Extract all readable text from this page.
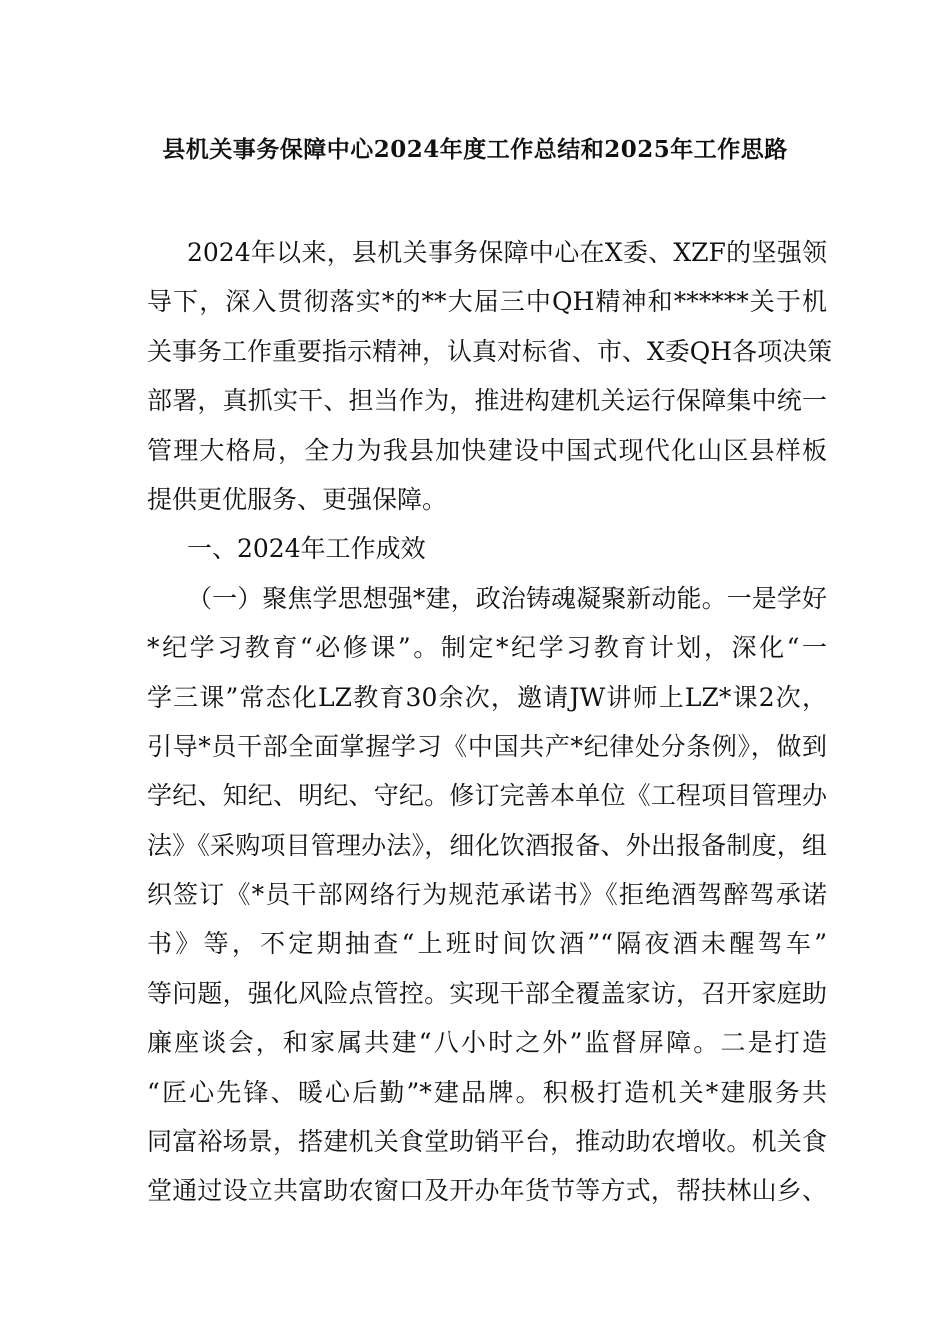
县机关事务保障中心2024年度工作总结和2025年工作思路
2024年以来，县机关事务保障中心在X委、XZF的坚强领
导下，深入贯彻落实*的**大届三中QH精神和******关于机
关事务工作重要指示精神，认真对标省、市、X委QH各项决策
部署，真抓实干、担当作为，推进构建机关运行保障集中统一
管理大格局，全力为我县加快建设中国式现代化山区县样板
提供更优服务、更强保障。
一、2024年工作成效
（一）聚焦学思想强*建，政治铸魂凝聚新动能。一是学好
*纪学习教育“必修课”。制定*纪学习教育计划，深化“一
学三课”常态化LZ教育30余次，邀请JW讲师上LZ*课2次，
引导*员干部全面掌握学习《中国共产*纪律处分条例》，做到
学纪、知纪、明纪、守纪。修订完善本单位《工程项目管理办
法》《采购项目管理办法》，细化饮酒报备、外出报备制度，组
织签订《*员干部网络行为规范承诺书》《拒绝酒驾醉驾承诺
书》等，不定期抽查“上班时间饮酒”“隔夜酒未醒驾车”
等问题，强化风险点管控。实现干部全覆盖家访，召开家庭助
廉座谈会，和家属共建“八小时之外”监督屏障。二是打造
“匠心先锋、暖心后勤”*建品牌。积极打造机关*建服务共
同富裕场景，搭建机关食堂助销平台，推动助农增收。机关食
堂通过设立共富助农窗口及开办年货节等方式，帮扶林山乡、
